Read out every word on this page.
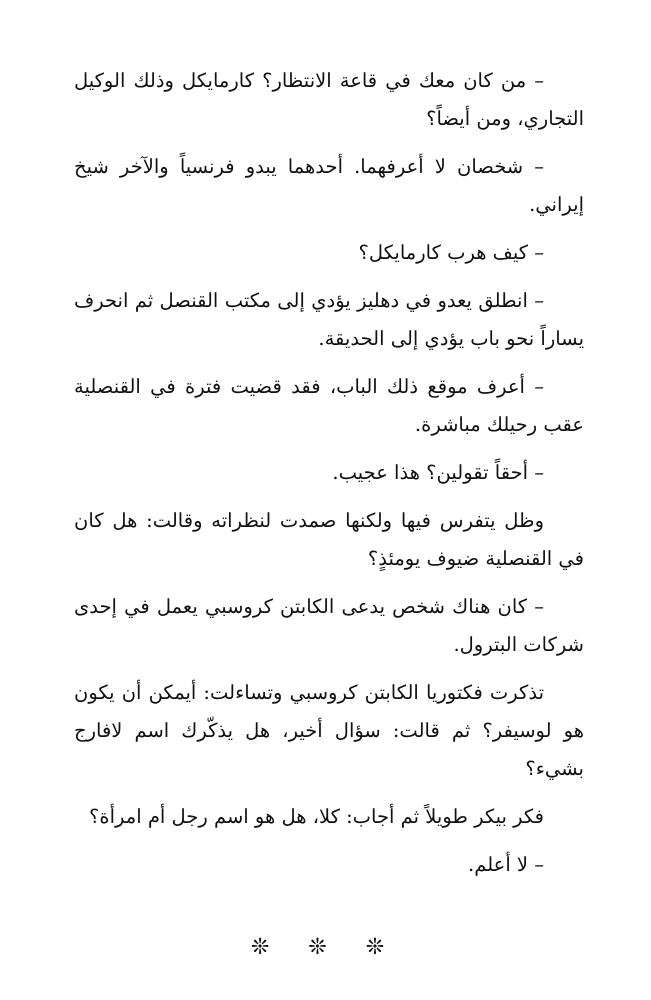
– من كان معك في قاعة الانتظار؟ كارمايكل وذلك الوكيل التجاري، ومن أيضاً؟

– شخصان لا أعرفهما. أحدهما يبدو فرنسياً والآخر شيخ إيراني.

– كيف هرب كارمايكل؟

– انطلق يعدو في دهليز يؤدي إلى مكتب القنصل ثم انحرف يساراً نحو باب يؤدي إلى الحديقة.

– أعرف موقع ذلك الباب، فقد قضيت فترة في القنصلية عقب رحيلك مباشرة.

– أحقاً تقولين؟ هذا عجيب.

وظل يتفرس فيها ولكنها صمدت لنظراته وقالت: هل كان في القنصلية ضيوف يومئذٍ؟

– كان هناك شخص يدعى الكابتن كروسبي يعمل في إحدى شركات البترول.

تذكرت فكتوريا الكابتن كروسبي وتساءلت: أيمكن أن يكون هو لوسيفر؟ ثم قالت: سؤال أخير، هل يذكّرك اسم لافارج بشيء؟

فكر بيكر طويلاً ثم أجاب: كلا، هل هو اسم رجل أم امرأة؟

– لا أعلم.

❊ ❊ ❊
